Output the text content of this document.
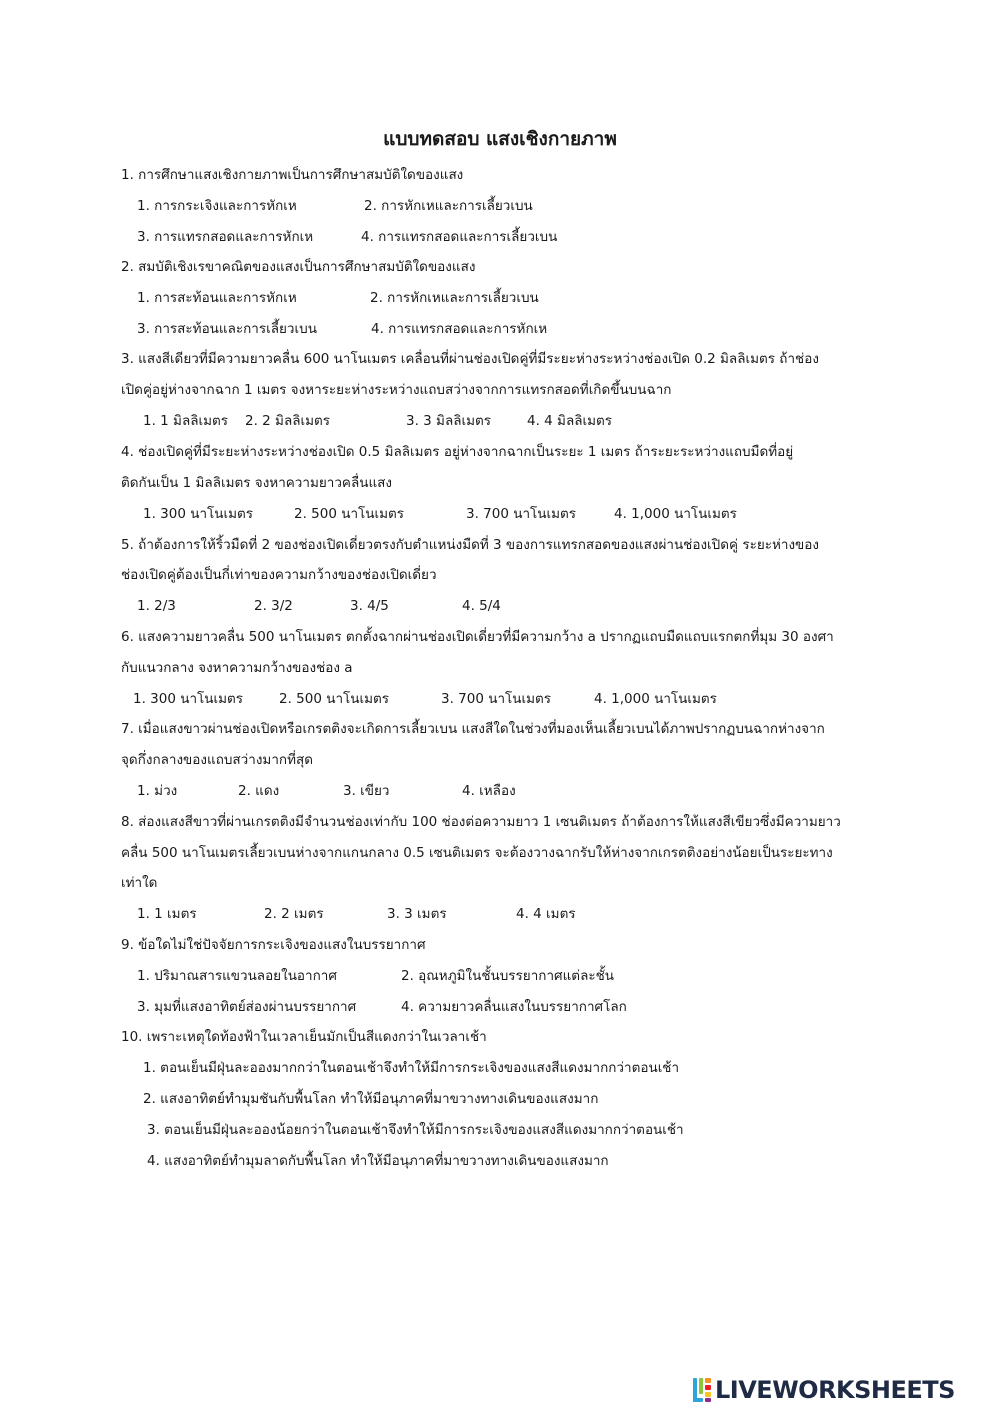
แบบทดสอบ แสงเชิงกายภาพ
1. การศึกษาแสงเชิงกายภาพเป็นการศึกษาสมบัติใดของแสง
1. การกระเจิงและการหักเห	2. การหักเหและการเลี้ยวเบน
3. การแทรกสอดและการหักเห	4. การแทรกสอดและการเลี้ยวเบน
2. สมบัติเชิงเรขาคณิตของแสงเป็นการศึกษาสมบัติใดของแสง
1. การสะท้อนและการหักเห	2. การหักเหและการเลี้ยวเบน
3. การสะท้อนและการเลี้ยวเบน	4. การแทรกสอดและการหักเห
3. แสงสีเดียวที่มีความยาวคลื่น 600 นาโนเมตร เคลื่อนที่ผ่านช่องเปิดคู่ที่มีระยะห่างระหว่างช่องเปิด 0.2 มิลลิเมตร ถ้าช่อง
เปิดคู่อยู่ห่างจากฉาก 1 เมตร จงหาระยะห่างระหว่างแถบสว่างจากการแทรกสอดที่เกิดขึ้นบนฉาก
1. 1 มิลลิเมตร 2. 2 มิลลิเมตร	3. 3 มิลลิเมตร	4. 4 มิลลิเมตร
4. ช่องเปิดคู่ที่มีระยะห่างระหว่างช่องเปิด 0.5 มิลลิเมตร อยู่ห่างจากฉากเป็นระยะ 1 เมตร ถ้าระยะระหว่างแถบมืดที่อยู่
ติดกันเป็น 1 มิลลิเมตร จงหาความยาวคลื่นแสง
1. 300 นาโนเมตร	2. 500 นาโนเมตร	3. 700 นาโนเมตร	4. 1,000 นาโนเมตร
5. ถ้าต้องการให้ริ้วมืดที่ 2 ของช่องเปิดเดี่ยวตรงกับตำแหน่งมืดที่ 3 ของการแทรกสอดของแสงผ่านช่องเปิดคู่ ระยะห่างของ
ช่องเปิดคู่ต้องเป็นกี่เท่าของความกว้างของช่องเปิดเดี่ยว
1. 2/3	2. 3/2	3. 4/5	4. 5/4
6. แสงความยาวคลื่น 500 นาโนเมตร ตกตั้งฉากผ่านช่องเปิดเดี่ยวที่มีความกว้าง a ปรากฏแถบมืดแถบแรกตกที่มุม 30 องศา
กับแนวกลาง จงหาความกว้างของช่อง a
1. 300 นาโนเมตร	2. 500 นาโนเมตร	3. 700 นาโนเมตร	4. 1,000 นาโนเมตร
7. เมื่อแสงขาวผ่านช่องเปิดหรือเกรตติงจะเกิดการเลี้ยวเบน แสงสีใดในช่วงที่มองเห็นเลี้ยวเบนได้ภาพปรากฏบนฉากห่างจาก
จุดกึ่งกลางของแถบสว่างมากที่สุด
1. ม่วง	2. แดง	3. เขียว	4. เหลือง
8. ส่องแสงสีขาวที่ผ่านเกรตติงมีจำนวนช่องเท่ากับ 100 ช่องต่อความยาว 1 เซนติเมตร ถ้าต้องการให้แสงสีเขียวซึ่งมีความยาว
คลื่น 500 นาโนเมตรเลี้ยวเบนห่างจากแกนกลาง 0.5 เซนติเมตร จะต้องวางฉากรับให้ห่างจากเกรตติงอย่างน้อยเป็นระยะทาง
เท่าใด
1. 1 เมตร	2. 2 เมตร	3. 3 เมตร	4. 4 เมตร
9. ข้อใดไม่ใช่ปัจจัยการกระเจิงของแสงในบรรยากาศ
1. ปริมาณสารแขวนลอยในอากาศ	2. อุณหภูมิในชั้นบรรยากาศแต่ละชั้น
3. มุมที่แสงอาทิตย์ส่องผ่านบรรยากาศ	4. ความยาวคลื่นแสงในบรรยากาศโลก
10. เพราะเหตุใดท้องฟ้าในเวลาเย็นมักเป็นสีแดงกว่าในเวลาเช้า
1. ตอนเย็นมีฝุ่นละอองมากกว่าในตอนเช้าจึงทำให้มีการกระเจิงของแสงสีแดงมากกว่าตอนเช้า
2. แสงอาทิตย์ทำมุมชันกับพื้นโลก ทำให้มีอนุภาคที่มาขวางทางเดินของแสงมาก
3. ตอนเย็นมีฝุ่นละอองน้อยกว่าในตอนเช้าจึงทำให้มีการกระเจิงของแสงสีแดงมากกว่าตอนเช้า
4. แสงอาทิตย์ทำมุมลาดกับพื้นโลก ทำให้มีอนุภาคที่มาขวางทางเดินของแสงมาก
LIVEWORKSHEETS
